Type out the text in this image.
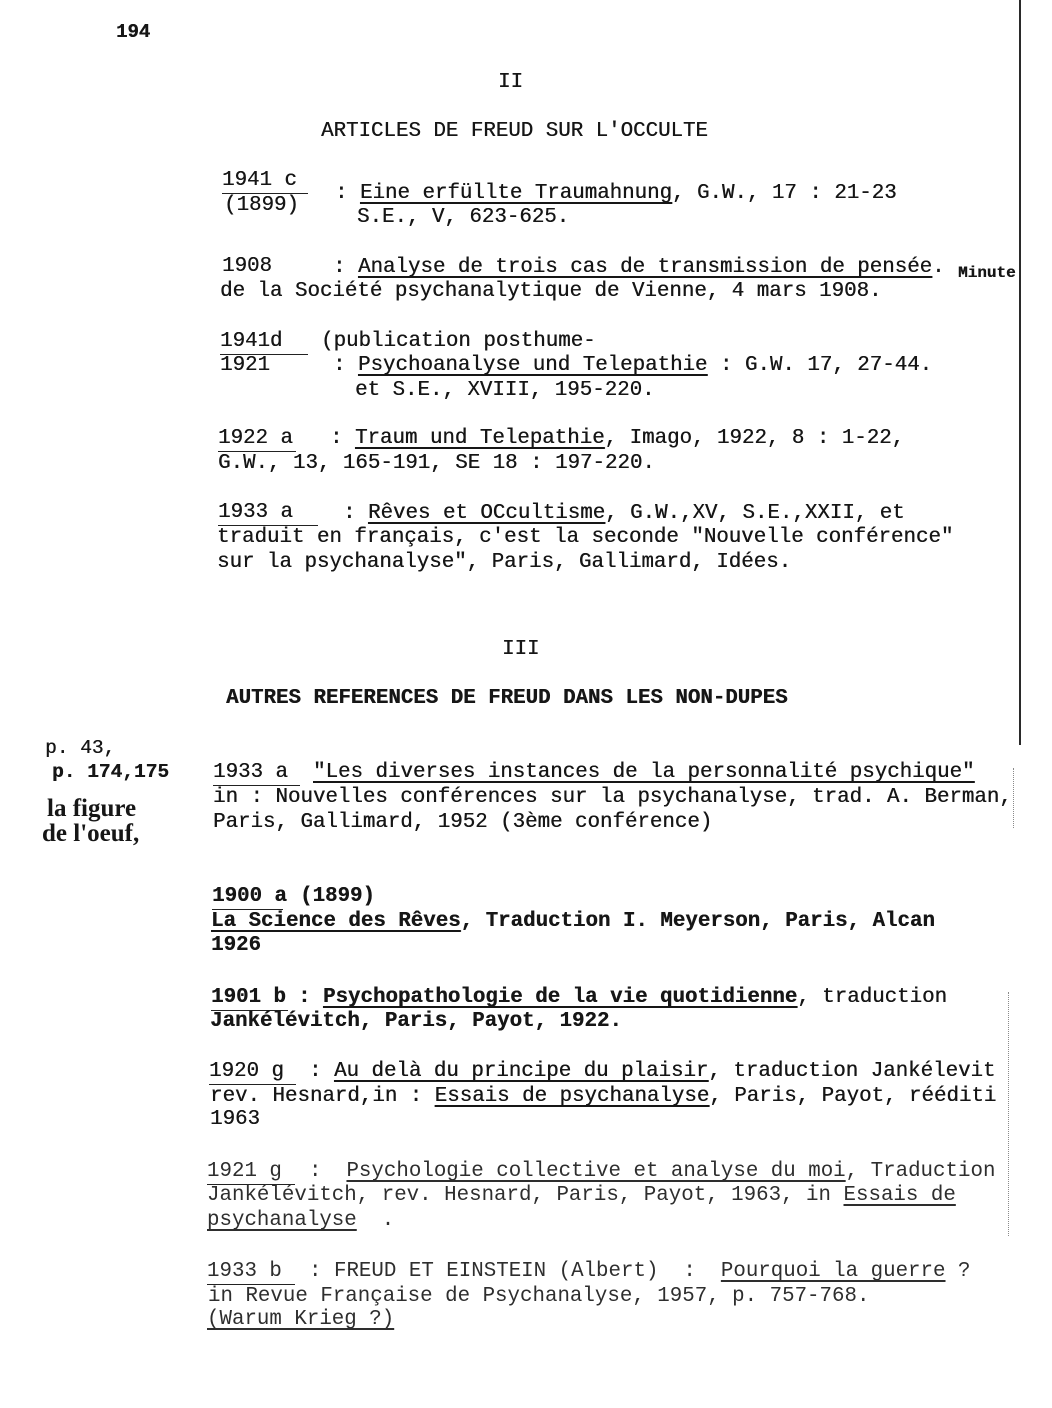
194
II
ARTICLES DE FREUD SUR L'OCCULTE
1941 c
(1899)
: Eine erfüllte Traumahnung, G.W., 17 : 21-23
S.E., V, 623-625.
1908	: Analyse de trois cas de transmission de pensée. Minute
de la Société psychanalytique de Vienne, 4 mars 1908.
1941d	(publication posthume-
1921	: Psychoanalyse und Telepathie : G.W. 17, 27-44.
et S.E., XVIII, 195-220.
1922 a : Traum und Telepathie, Imago, 1922, 8 : 1-22,
G.W., 13, 165-191, SE 18 : 197-220.
1933 a	: Rêves et OCcultisme, G.W.,XV, S.E.,XXII, et
traduit en français, c'est la seconde "Nouvelle conférence"
sur la psychanalyse", Paris, Gallimard, Idées.
III
AUTRES REFERENCES DE FREUD DANS LES NON-DUPES
p. 43,
p. 174,175
la figure
de l'oeuf,
1933 a	"Les diverses instances de la personnalité psychique"
in : Nouvelles conférences sur la psychanalyse, trad. A. Berman,
Paris, Gallimard, 1952 (3ème conférence)
1900 a (1899)
La Science des Rêves, Traduction I. Meyerson, Paris, Alcan
1926
1901 b : Psychopathologie de la vie quotidienne, traduction
Jankélévitch, Paris, Payot, 1922.
1920 g	: Au delà du principe du plaisir, traduction Jankélevit
rev. Hesnard,in : Essais de psychanalyse, Paris, Payot, rééditi
1963
1921 g	:  Psychologie collective et analyse du moi, Traduction
Jankélévitch, rev. Hesnard, Paris, Payot, 1963, in Essais de
psychanalyse  .
1933 b	: FREUD ET EINSTEIN (Albert)  :  Pourquoi la guerre ?
in Revue Française de Psychanalyse, 1957, p. 757-768.
(Warum Krieg ?)
